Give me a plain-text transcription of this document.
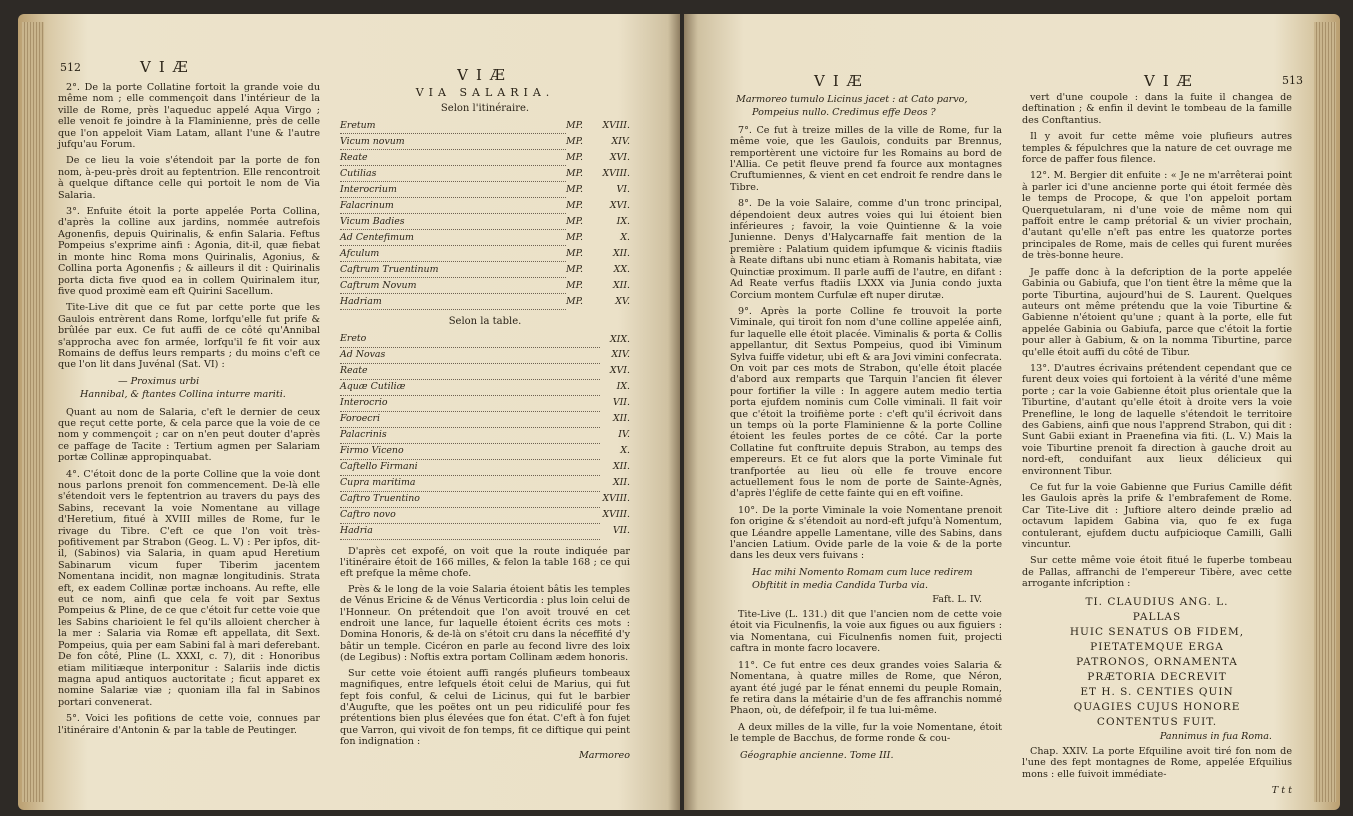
512	VIÆ

2°. De la porte Collatine fortoit la grande voie du même nom ; elle commençoit dans l'intérieur de la ville de Rome, près l'aqueduc appelé Aqua Virgo ; elle venoit fe joindre à la Flaminienne, près de celle que l'on appeloit Viam Latam, allant l'une & l'autre jufqu'au Forum.

De ce lieu la voie s'étendoit par la porte de fon nom, à-peu-près droit au feptentrion. Elle rencontroit à quelque diftance celle qui portoit le nom de Via Salaria.

3°. Enfuite étoit la porte appelée Porta Collina, d'après la colline aux jardins, nommée autrefois Agonenfis, depuis Quirinalis, & enfin Salaria. Feftus Pompeius s'exprime ainfi : Agonia, dit-il, quæ fiebat in monte hinc Roma mons Quirinalis, Agonius, & Collina porta Agonenfis ; & ailleurs il dit : Quirinalis porta dicta five quod ea in collem Quirinalem itur, five quod proximè eam eft Quirini Sacellum.

Tite-Live dit que ce fut par cette porte que les Gaulois entrèrent dans Rome, lorfqu'elle fut prife & brûlée par eux. Ce fut auffi de ce côté qu'Annibal s'approcha avec fon armée, lorfqu'il fe fit voir aux Romains de deffus leurs remparts ; du moins c'eft ce que l'on lit dans Juvénal (Sat. VI) :

— Proximus urbi
Hannibal, & ftantes Collina inturre mariti.

Quant au nom de Salaria, c'eft le dernier de ceux que reçut cette porte, & cela parce que la voie de ce nom y commençoit ; car on n'en peut douter d'après ce paffage de Tacite : Tertium agmen per Salariam portæ Collinæ appropinquabat.

4°. C'étoit donc de la porte Colline que la voie dont nous parlons prenoit fon commencement. De-là elle s'étendoit vers le feptentrion au travers du pays des Sabins, recevant la voie Nomentane au village d'Heretium, fitué à XVIII milles de Rome, fur le rivage du Tibre. C'eft ce que l'on voit très-pofitivement par Strabon (Geog. L. V) : Per ipfos, dit-il, (Sabinos) via Salaria, in quam apud Heretium Sabinarum vicum fuper Tiberim jacentem Nomentana incidit, non magnæ longitudinis. Strata eft, ex eadem Collinæ portæ inchoans. Au refte, elle eut ce nom, ainfi que cela fe voit par Sextus Pompeius & Pline, de ce que c'étoit fur cette voie que les Sabins charioient le fel qu'ils alloient chercher à la mer : Salaria via Romæ eft appellata, dit Sext. Pompeius, quia per eam Sabini fal à mari deferebant. De fon côté, Pline (L. XXXI, c. 7), dit : Honoribus etiam militiæque interponitur : Salariis inde dictis magna apud antiquos auctoritate ; ficut apparet ex nomine Salariæ viæ ; quoniam illa fal in Sabinos portari convenerat.

5°. Voici les pofitions de cette voie, connues par l'itinéraire d'Antonin & par la table de Peutinger.

VIÆ
VIA SALARIA.
Selon l'itinéraire.
Eretum	MP.	XVIII.
Vicum novum	MP.	XIV.
Reate	MP.	XVI.
Cutilias	MP.	XVIII.
Interocrium	MP.	VI.
Falacrinum	MP.	XVI.
Vicum Badies	MP.	IX.
Ad Centefimum	MP.	X.
Afculum	MP.	XII.
Caftrum Truentinum	MP.	XX.
Caftrum Novum	MP.	XII.
Hadriam	MP.	XV.
Selon la table.
Ereto	XIX.
Ad Novas	XIV.
Reate	XVI.
Aquæ Cutiliæ	IX.
Interocrio	VII.
Foroecri	XII.
Palacrinis	IV.
Firmo Viceno	X.
Caftello Firmani	XII.
Cupra maritima	XII.
Caftro Truentino	XVIII.
Caftro novo	XVIII.
Hadria	VII.

D'après cet expofé, on voit que la route indiquée par l'itinéraire étoit de 166 milles, & felon la table 168 ; ce qui eft prefque la même chofe.

Près & le long de la voie Salaria étoient bâtis les temples de Vénus Ericine & de Vénus Verticordia : plus loin celui de l'Honneur. On prétendoit que l'on avoit trouvé en cet endroit une lance, fur laquelle étoient écrits ces mots : Domina Honoris, & de-là on s'étoit cru dans la néceffité d'y bâtir un temple. Cicéron en parle au fecond livre des loix (de Legibus) : Noftis extra portam Collinam ædem honoris.

Sur cette voie étoient auffi rangés plufieurs tombeaux magnifiques, entre lefquels étoit celui de Marius, qui fut fept fois conful, & celui de Licinus, qui fut le barbier d'Augufte, que les poëtes ont un peu ridiculifé pour fes prétentions bien plus élevées que fon état. C'eft à fon fujet que Varron, qui vivoit de fon temps, fit ce diftique qui peint fon indignation :

Marmoreo
VIÆ	VIÆ	513
Marmoreo tumulo Licinus jacet : at Cato parvo,
Pompeius nullo. Credimus effe Deos ?

7°. Ce fut à treize milles de la ville de Rome, fur la même voie, que les Gaulois, conduits par Brennus, remportèrent une victoire fur les Romains au bord de l'Allia. Ce petit fleuve prend fa fource aux montagnes Cruftumiennes, & vient en cet endroit fe rendre dans le Tibre.

8°. De la voie Salaire, comme d'un tronc principal, dépendoient deux autres voies qui lui étoient bien inférieures ; favoir, la voie Quintienne & la voie Junienne. Denys d'Halycarnaffe fait mention de la première : Palatium quidem ipfumque & vicinis ftadiis à Reate diftans ubi nunc etiam à Romanis habitata, viæ Quinctiæ proximum. Il parle auffi de l'autre, en difant : Ad Reate verfus ftadiis LXXX via Junia condo juxta Corcium montem Curfulæ eft nuper dirutæ.

9°. Après la porte Colline fe trouvoit la porte Viminale, qui tiroit fon nom d'une colline appelée ainfi, fur laquelle elle étoit placée. Viminalis & porta & Collis appellantur, dit Sextus Pompeius, quod ibi Viminum Sylva fuiffe videtur, ubi eft & ara Jovi vimini confecrata. On voit par ces mots de Strabon, qu'elle étoit placée d'abord aux remparts que Tarquin l'ancien fit élever pour fortifier la ville : In aggere autem medio tertia porta ejufdem nominis cum Colle viminali. Il fait voir que c'étoit la troifième porte : c'eft qu'il écrivoit dans un temps où la porte Flaminienne & la porte Colline étoient les feules portes de ce côté. Car la porte Collatine fut conftruite depuis Strabon, au temps des empereurs. Et ce fut alors que la porte Viminale fut tranfportée au lieu où elle fe trouve encore actuellement fous le nom de porte de Sainte-Agnès, d'après l'églife de cette fainte qui en eft voifine.

10°. De la porte Viminale la voie Nomentane prenoit fon origine & s'étendoit au nord-eft jufqu'à Nomentum, que Léandre appelle Lamentane, ville des Sabins, dans l'ancien Latium. Ovide parle de la voie & de la porte dans les deux vers fuivans :

Hac mihi Nomento Romam cum luce redirem
Obftitit in media Candida Turba via.
Faft. L. IV.

Tite-Live (L. 131.) dit que l'ancien nom de cette voie étoit via Ficulnenfis, la voie aux figues ou aux figuiers : via Nomentana, cui Ficulnenfis nomen fuit, projecti caftra in monte facro locavere.

11°. Ce fut entre ces deux grandes voies Salaria & Nomentana, à quatre milles de Rome, que Néron, ayant été jugé par le fénat ennemi du peuple Romain, fe retira dans la métairie d'un de fes affranchis nommé Phaon, où, de défefpoir, il fe tua lui-même.

A deux milles de la ville, fur la voie Nomentane, étoit le temple de Bacchus, de forme ronde & cou-

Géographie ancienne. Tome III.

vert d'une coupole : dans la fuite il changea de deftination ; & enfin il devint le tombeau de la famille des Conftantius.

Il y avoit fur cette même voie plufieurs autres temples & fépulchres que la nature de cet ouvrage me force de paffer fous filence.

12°. M. Bergier dit enfuite : « Je ne m'arrêterai point à parler ici d'une ancienne porte qui étoit fermée dès le temps de Procope, & que l'on appeloit portam Querquetularam, ni d'une voie de même nom qui paffoit entre le camp prétorial & un vivier prochain, d'autant qu'elle n'eft pas entre les quatorze portes principales de Rome, mais de celles qui furent murées de très-bonne heure.

Je paffe donc à la defcription de la porte appelée Gabinia ou Gabiufa, que l'on tient être la même que la porte Tiburtina, aujourd'hui de S. Laurent. Quelques auteurs ont même prétendu que la voie Tiburtine & Gabienne n'étoient qu'une ; quant à la porte, elle fut appelée Gabinia ou Gabiufa, parce que c'étoit la fortie pour aller à Gabium, & on la nomma Tiburtine, parce qu'elle étoit auffi du côté de Tibur.

13°. D'autres écrivains prétendent cependant que ce furent deux voies qui fortoient à la vérité d'une même porte ; car la voie Gabienne étoit plus orientale que la Tiburtine, d'autant qu'elle étoit à droite vers la voie Prenefline, le long de laquelle s'étendoit le territoire des Gabiens, ainfi que nous l'apprend Strabon, qui dit : Sunt Gabii exiant in Praenefina via fiti. (L. V.) Mais la voie Tiburtine prenoit fa direction à gauche droit au nord-eft, conduifant aux lieux délicieux qui environnent Tibur.

Ce fut fur la voie Gabienne que Furius Camille défit les Gaulois après la prife & l'embrafement de Rome. Car Tite-Live dit : Juftiore altero deinde prælio ad octavum lapidem Gabina via, quo fe ex fuga contulerant, ejufdem ductu aufpicioque Camilli, Galli vincuntur.

Sur cette même voie étoit fitué le fuperbe tombeau de Pallas, affranchi de l'empereur Tibère, avec cette arrogante infcription :

TI. CLAUDIUS ANG. L.
PALLAS
HUIC SENATUS OB FIDEM,
PIETATEMQUE ERGA
PATRONOS, ORNAMENTA
PRÆTORIA DECREVIT
ET H. S. CENTIES QUIN
QUAGIES CUJUS HONORE
CONTENTUS FUIT.
Pannimus in fua Roma.

Chap. XXIV. La porte Efquiline avoit tiré fon nom de l'une des fept montagnes de Rome, appelée Efquilius mons : elle fuivoit immédiate-

T t t
